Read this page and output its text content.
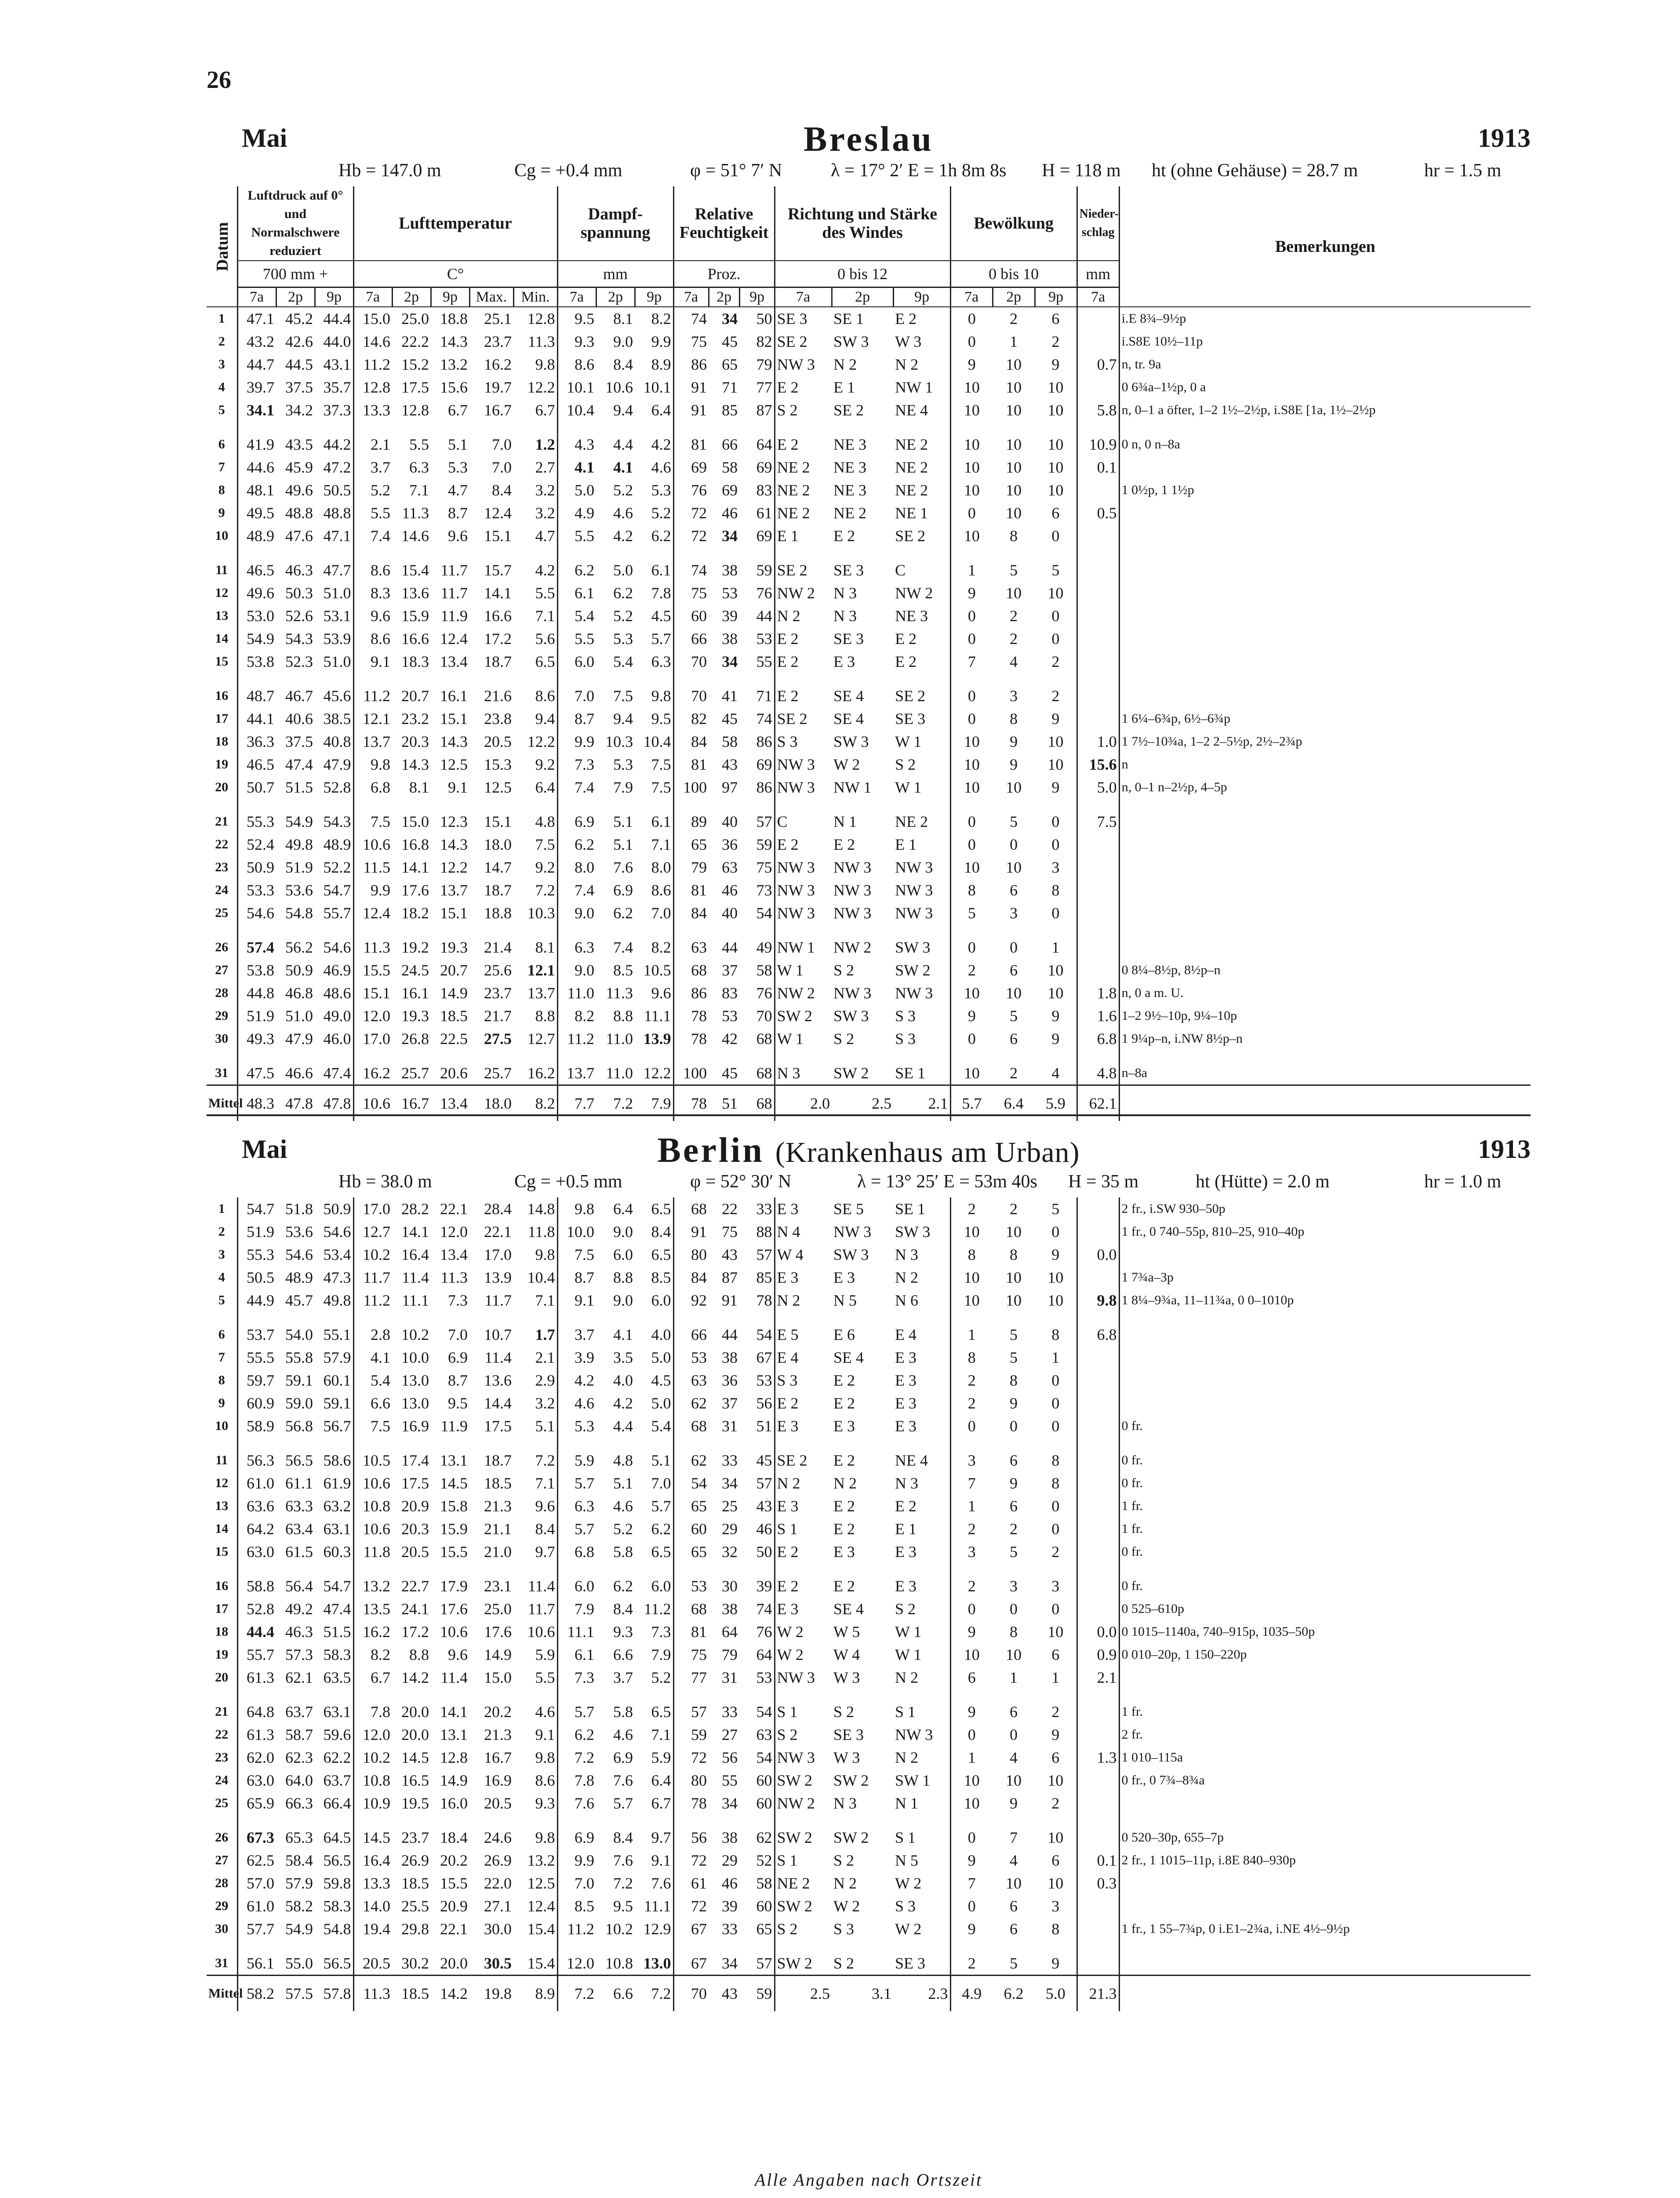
26
Mai	Breslau	1913
Hb = 147.0 m	Cg = +0.4 mm	φ = 51° 7′ N	λ = 17° 2′ E = 1h 8m 8s H = 118 m ht (ohne Gehäuse) = 28.7 m	hr = 1.5 m
Datum	Luftdruck auf 0° und Normalschwere reduziert			Lufttemperatur					Dampf-spannung			Relative Feuchtigkeit			Richtung und Stärke des Windes			Bewölkung			Nieder-schlag	Bemerkungen
	700 mm +			C°					mm			Proz.			0 bis 12			0 bis 10			mm	
	7a	2p	9p	7a	2p	9p	Max.	Min.	7a	2p	9p	7a	2p	9p	7a	2p	9p	7a	2p	9p	7a	
1	47.1	45.2	44.4	15.0	25.0	18.8	25.1	12.8	9.5	8.1	8.2	74	34	50	SE 3	SE 1	E 2	0	2	6		i.E 8¾–9½p
2	43.2	42.6	44.0	14.6	22.2	14.3	23.7	11.3	9.3	9.0	9.9	75	45	82	SE 2	SW 3	W 3	0	1	2		i.S8E 10½–11p
3	44.7	44.5	43.1	11.2	15.2	13.2	16.2	9.8	8.6	8.4	8.9	86	65	79	NW 3	N 2	N 2	9	10	9	0.7	n, tr. 9a
4	39.7	37.5	35.7	12.8	17.5	15.6	19.7	12.2	10.1	10.6	10.1	91	71	77	E 2	E 1	NW 1	10	10	10		0 6¾a–1½p, 0 a
5	34.1	34.2	37.3	13.3	12.8	6.7	16.7	6.7	10.4	9.4	6.4	91	85	87	S 2	SE 2	NE 4	10	10	10	5.8	n, 0–1 a öfter, 1–2 1½–2½p, i.S8E [1a, 1½–2½p
6	41.9	43.5	44.2	2.1	5.5	5.1	7.0	1.2	4.3	4.4	4.2	81	66	64	E 2	NE 3	NE 2	10	10	10	10.9	0 n, 0 n–8a
7	44.6	45.9	47.2	3.7	6.3	5.3	7.0	2.7	4.1	4.1	4.6	69	58	69	NE 2	NE 3	NE 2	10	10	10	0.1	
8	48.1	49.6	50.5	5.2	7.1	4.7	8.4	3.2	5.0	5.2	5.3	76	69	83	NE 2	NE 3	NE 2	10	10	10		1 0½p, 1 1½p
9	49.5	48.8	48.8	5.5	11.3	8.7	12.4	3.2	4.9	4.6	5.2	72	46	61	NE 2	NE 2	NE 1	0	10	6	0.5	
10	48.9	47.6	47.1	7.4	14.6	9.6	15.1	4.7	5.5	4.2	6.2	72	34	69	E 1	E 2	SE 2	10	8	0		
11	46.5	46.3	47.7	8.6	15.4	11.7	15.7	4.2	6.2	5.0	6.1	74	38	59	SE 2	SE 3	C	1	5	5		
12	49.6	50.3	51.0	8.3	13.6	11.7	14.1	5.5	6.1	6.2	7.8	75	53	76	NW 2	N 3	NW 2	9	10	10		
13	53.0	52.6	53.1	9.6	15.9	11.9	16.6	7.1	5.4	5.2	4.5	60	39	44	N 2	N 3	NE 3	0	2	0		
14	54.9	54.3	53.9	8.6	16.6	12.4	17.2	5.6	5.5	5.3	5.7	66	38	53	E 2	SE 3	E 2	0	2	0		
15	53.8	52.3	51.0	9.1	18.3	13.4	18.7	6.5	6.0	5.4	6.3	70	34	55	E 2	E 3	E 2	7	4	2		
16	48.7	46.7	45.6	11.2	20.7	16.1	21.6	8.6	7.0	7.5	9.8	70	41	71	E 2	SE 4	SE 2	0	3	2		
17	44.1	40.6	38.5	12.1	23.2	15.1	23.8	9.4	8.7	9.4	9.5	82	45	74	SE 2	SE 4	SE 3	0	8	9		1 6¼–6¾p, 6½–6¾p
18	36.3	37.5	40.8	13.7	20.3	14.3	20.5	12.2	9.9	10.3	10.4	84	58	86	S 3	SW 3	W 1	10	9	10	1.0	1 7½–10¾a, 1–2 2–5½p, 2½–2¾p
19	46.5	47.4	47.9	9.8	14.3	12.5	15.3	9.2	7.3	5.3	7.5	81	43	69	NW 3	W 2	S 2	10	9	10	15.6	n
20	50.7	51.5	52.8	6.8	8.1	9.1	12.5	6.4	7.4	7.9	7.5	100	97	86	NW 3	NW 1	W 1	10	10	9	5.0	n, 0–1 n–2½p, 4–5p
21	55.3	54.9	54.3	7.5	15.0	12.3	15.1	4.8	6.9	5.1	6.1	89	40	57	C	N 1	NE 2	0	5	0	7.5	
22	52.4	49.8	48.9	10.6	16.8	14.3	18.0	7.5	6.2	5.1	7.1	65	36	59	E 2	E 2	E 1	0	0	0		
23	50.9	51.9	52.2	11.5	14.1	12.2	14.7	9.2	8.0	7.6	8.0	79	63	75	NW 3	NW 3	NW 3	10	10	3		
24	53.3	53.6	54.7	9.9	17.6	13.7	18.7	7.2	7.4	6.9	8.6	81	46	73	NW 3	NW 3	NW 3	8	6	8		
25	54.6	54.8	55.7	12.4	18.2	15.1	18.8	10.3	9.0	6.2	7.0	84	40	54	NW 3	NW 3	NW 3	5	3	0		
26	57.4	56.2	54.6	11.3	19.2	19.3	21.4	8.1	6.3	7.4	8.2	63	44	49	NW 1	NW 2	SW 3	0	0	1		
27	53.8	50.9	46.9	15.5	24.5	20.7	25.6	12.1	9.0	8.5	10.5	68	37	58	W 1	S 2	SW 2	2	6	10		0 8¼–8½p, 8½p–n
28	44.8	46.8	48.6	15.1	16.1	14.9	23.7	13.7	11.0	11.3	9.6	86	83	76	NW 2	NW 3	NW 3	10	10	10	1.8	n, 0 a m. U.
29	51.9	51.0	49.0	12.0	19.3	18.5	21.7	8.8	8.2	8.8	11.1	78	53	70	SW 2	SW 3	S 3	9	5	9	1.6	1–2 9½–10p, 9¼–10p
30	49.3	47.9	46.0	17.0	26.8	22.5	27.5	12.7	11.2	11.0	13.9	78	42	68	W 1	S 2	S 3	0	6	9	6.8	1 9¼p–n, i.NW 8½p–n
31	47.5	46.6	47.4	16.2	25.7	20.6	25.7	16.2	13.7	11.0	12.2	100	45	68	N 3	SW 2	SE 1	10	2	4	4.8	n–8a
Mittel	48.3	47.8	47.8	10.6	16.7	13.4	18.0	8.2	7.7	7.2	7.9	78	51	68	2.0	2.5	2.1	5.7	6.4	5.9	62.1	
Mai	Berlin (Krankenhaus am Urban)	1913
Hb = 38.0 m	Cg = +0.5 mm	φ = 52° 30′ N	λ = 13° 25′ E = 53m 40s H = 35 m	ht (Hütte) = 2.0 m	hr = 1.0 m
1	54.7	51.8	50.9	17.0	28.2	22.1	28.4	14.8	9.8	6.4	6.5	68	22	33	E 3	SE 5	SE 1	2	2	5		2 fr., i.SW 930–50p
2	51.9	53.6	54.6	12.7	14.1	12.0	22.1	11.8	10.0	9.0	8.4	91	75	88	N 4	NW 3	SW 3	10	10	0		1 fr., 0 740–55p, 810–25, 910–40p
3	55.3	54.6	53.4	10.2	16.4	13.4	17.0	9.8	7.5	6.0	6.5	80	43	57	W 4	SW 3	N 3	8	8	9	0.0	
4	50.5	48.9	47.3	11.7	11.4	11.3	13.9	10.4	8.7	8.8	8.5	84	87	85	E 3	E 3	N 2	10	10	10		1 7¾a–3p
5	44.9	45.7	49.8	11.2	11.1	7.3	11.7	7.1	9.1	9.0	6.0	92	91	78	N 2	N 5	N 6	10	10	10	9.8	1 8¼–9¾a, 11–11¾a, 0 0–1010p
6	53.7	54.0	55.1	2.8	10.2	7.0	10.7	1.7	3.7	4.1	4.0	66	44	54	E 5	E 6	E 4	1	5	8	6.8	
7	55.5	55.8	57.9	4.1	10.0	6.9	11.4	2.1	3.9	3.5	5.0	53	38	67	E 4	SE 4	E 3	8	5	1		
8	59.7	59.1	60.1	5.4	13.0	8.7	13.6	2.9	4.2	4.0	4.5	63	36	53	S 3	E 2	E 3	2	8	0		
9	60.9	59.0	59.1	6.6	13.0	9.5	14.4	3.2	4.6	4.2	5.0	62	37	56	E 2	E 2	E 3	2	9	0		
10	58.9	56.8	56.7	7.5	16.9	11.9	17.5	5.1	5.3	4.4	5.4	68	31	51	E 3	E 3	E 3	0	0	0		0 fr.
11	56.3	56.5	58.6	10.5	17.4	13.1	18.7	7.2	5.9	4.8	5.1	62	33	45	SE 2	E 2	NE 4	3	6	8		0 fr.
12	61.0	61.1	61.9	10.6	17.5	14.5	18.5	7.1	5.7	5.1	7.0	54	34	57	N 2	N 2	N 3	7	9	8		0 fr.
13	63.6	63.3	63.2	10.8	20.9	15.8	21.3	9.6	6.3	4.6	5.7	65	25	43	E 3	E 2	E 2	1	6	0		1 fr.
14	64.2	63.4	63.1	10.6	20.3	15.9	21.1	8.4	5.7	5.2	6.2	60	29	46	S 1	E 2	E 1	2	2	0		1 fr.
15	63.0	61.5	60.3	11.8	20.5	15.5	21.0	9.7	6.8	5.8	6.5	65	32	50	E 2	E 3	E 3	3	5	2		0 fr.
16	58.8	56.4	54.7	13.2	22.7	17.9	23.1	11.4	6.0	6.2	6.0	53	30	39	E 2	E 2	E 3	2	3	3		0 fr.
17	52.8	49.2	47.4	13.5	24.1	17.6	25.0	11.7	7.9	8.4	11.2	68	38	74	E 3	SE 4	S 2	0	0	0		0 525–610p
18	44.4	46.3	51.5	16.2	17.2	10.6	17.6	10.6	11.1	9.3	7.3	81	64	76	W 2	W 5	W 1	9	8	10	0.0	0 1015–1140a, 740–915p, 1035–50p
19	55.7	57.3	58.3	8.2	8.8	9.6	14.9	5.9	6.1	6.6	7.9	75	79	64	W 2	W 4	W 1	10	10	6	0.9	0 010–20p, 1 150–220p
20	61.3	62.1	63.5	6.7	14.2	11.4	15.0	5.5	7.3	3.7	5.2	77	31	53	NW 3	W 3	N 2	6	1	1	2.1	
21	64.8	63.7	63.1	7.8	20.0	14.1	20.2	4.6	5.7	5.8	6.5	57	33	54	S 1	S 2	S 1	9	6	2		1 fr.
22	61.3	58.7	59.6	12.0	20.0	13.1	21.3	9.1	6.2	4.6	7.1	59	27	63	S 2	SE 3	NW 3	0	0	9		2 fr.
23	62.0	62.3	62.2	10.2	14.5	12.8	16.7	9.8	7.2	6.9	5.9	72	56	54	NW 3	W 3	N 2	1	4	6	1.3	1 010–115a
24	63.0	64.0	63.7	10.8	16.5	14.9	16.9	8.6	7.8	7.6	6.4	80	55	60	SW 2	SW 2	SW 1	10	10	10		0 fr., 0 7¾–8¾a
25	65.9	66.3	66.4	10.9	19.5	16.0	20.5	9.3	7.6	5.7	6.7	78	34	60	NW 2	N 3	N 1	10	9	2		
26	67.3	65.3	64.5	14.5	23.7	18.4	24.6	9.8	6.9	8.4	9.7	56	38	62	SW 2	SW 2	S 1	0	7	10		0 520–30p, 655–7p
27	62.5	58.4	56.5	16.4	26.9	20.2	26.9	13.2	9.9	7.6	9.1	72	29	52	S 1	S 2	N 5	9	4	6	0.1	2 fr., 1 1015–11p, i.8E 840–930p
28	57.0	57.9	59.8	13.3	18.5	15.5	22.0	12.5	7.0	7.2	7.6	61	46	58	NE 2	N 2	W 2	7	10	10	0.3	
29	61.0	58.2	58.3	14.0	25.5	20.9	27.1	12.4	8.5	9.5	11.1	72	39	60	SW 2	W 2	S 3	0	6	3		
30	57.7	54.9	54.8	19.4	29.8	22.1	30.0	15.4	11.2	10.2	12.9	67	33	65	S 2	S 3	W 2	9	6	8		1 fr., 1 55–7¾p, 0 i.E1–2¾a, i.NE 4½–9½p
31	56.1	55.0	56.5	20.5	30.2	20.0	30.5	15.4	12.0	10.8	13.0	67	34	57	SW 2	S 2	SE 3	2	5	9		
Mittel	58.2	57.5	57.8	11.3	18.5	14.2	19.8	8.9	7.2	6.6	7.2	70	43	59	2.5	3.1	2.3	4.9	6.2	5.0	21.3	
Alle Angaben nach Ortszeit
